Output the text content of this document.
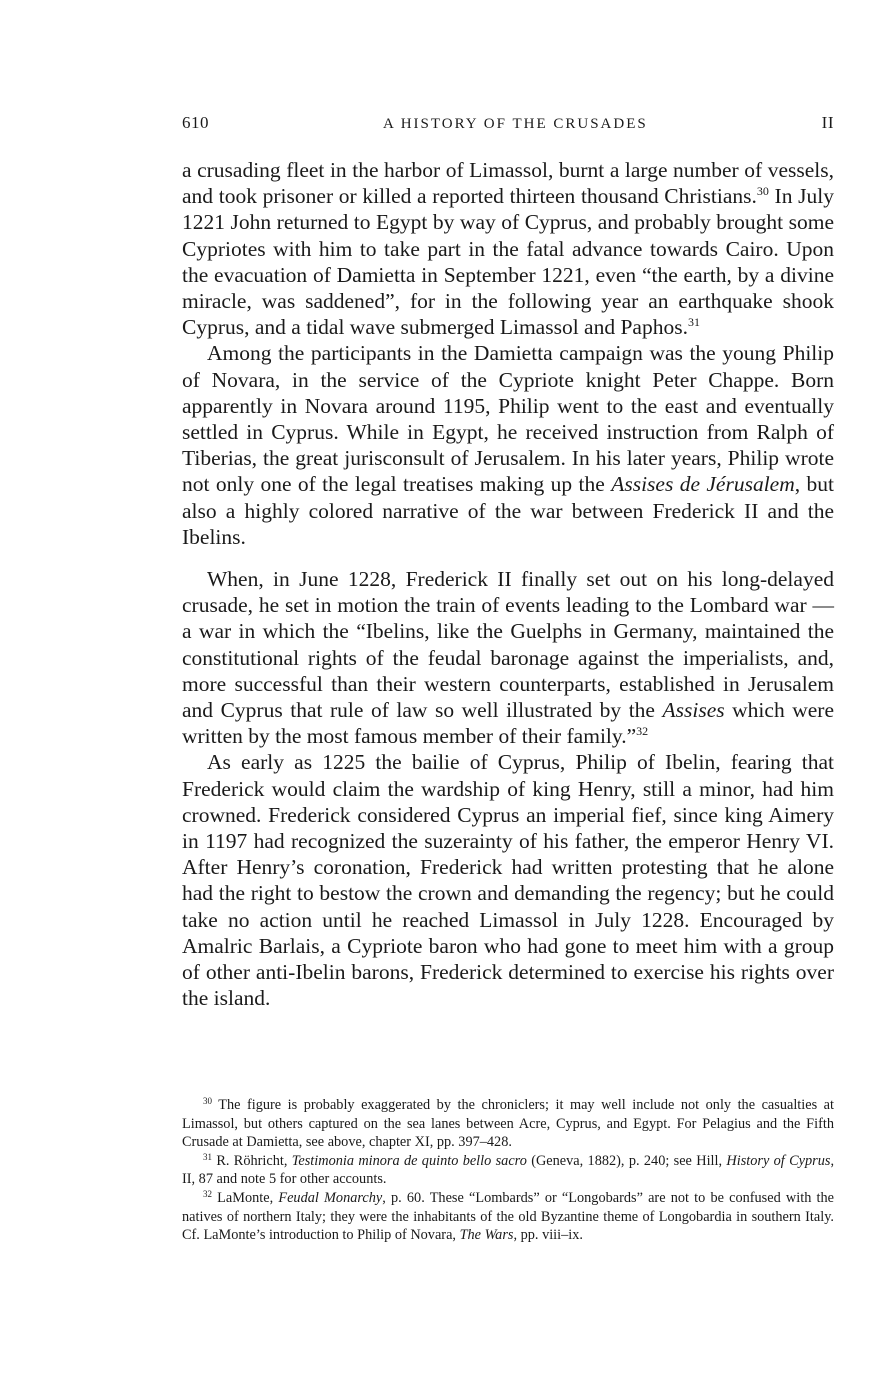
610	A HISTORY OF THE CRUSADES	II

a crusading fleet in the harbor of Limassol, burnt a large number of vessels, and took prisoner or killed a reported thirteen thousand Christians.$^{30}$ In July 1221 John returned to Egypt by way of Cyprus, and probably brought some Cypriotes with him to take part in the fatal advance towards Cairo. Upon the evacuation of Damietta in September 1221, even “the earth, by a divine miracle, was saddened”, for in the following year an earthquake shook Cyprus, and a tidal wave submerged Limassol and Paphos.$^{31}$

Among the participants in the Damietta campaign was the young Philip of Novara, in the service of the Cypriote knight Peter Chappe. Born apparently in Novara around 1195, Philip went to the east and eventually settled in Cyprus. While in Egypt, he received instruction from Ralph of Tiberias, the great jurisconsult of Jerusalem. In his later years, Philip wrote not only one of the legal treatises making up the Assises de Jérusalem, but also a highly colored narrative of the war between Frederick II and the Ibelins.

When, in June 1228, Frederick II finally set out on his long-delayed crusade, he set in motion the train of events leading to the Lombard war — a war in which the “Ibelins, like the Guelphs in Germany, maintained the constitutional rights of the feudal baronage against the imperialists, and, more successful than their western counterparts, established in Jerusalem and Cyprus that rule of law so well illustrated by the Assises which were written by the most famous member of their family.”$^{32}$

As early as 1225 the bailie of Cyprus, Philip of Ibelin, fearing that Frederick would claim the wardship of king Henry, still a minor, had him crowned. Frederick considered Cyprus an imperial fief, since king Aimery in 1197 had recognized the suzerainty of his father, the emperor Henry VI. After Henry’s coronation, Frederick had written protesting that he alone had the right to bestow the crown and demanding the regency; but he could take no action until he reached Limassol in July 1228. Encouraged by Amalric Barlais, a Cypriote baron who had gone to meet him with a group of other anti-Ibelin barons, Frederick determined to exercise his rights over the island.

$^{30}$ The figure is probably exaggerated by the chroniclers; it may well include not only the casualties at Limassol, but others captured on the sea lanes between Acre, Cyprus, and Egypt. For Pelagius and the Fifth Crusade at Damietta, see above, chapter XI, pp. 397–428.

$^{31}$ R. Röhricht, Testimonia minora de quinto bello sacro (Geneva, 1882), p. 240; see Hill, History of Cyprus, II, 87 and note 5 for other accounts.

$^{32}$ LaMonte, Feudal Monarchy, p. 60. These “Lombards” or “Longobards” are not to be confused with the natives of northern Italy; they were the inhabitants of the old Byzantine theme of Longobardia in southern Italy. Cf. LaMonte’s introduction to Philip of Novara, The Wars, pp. viii–ix.
